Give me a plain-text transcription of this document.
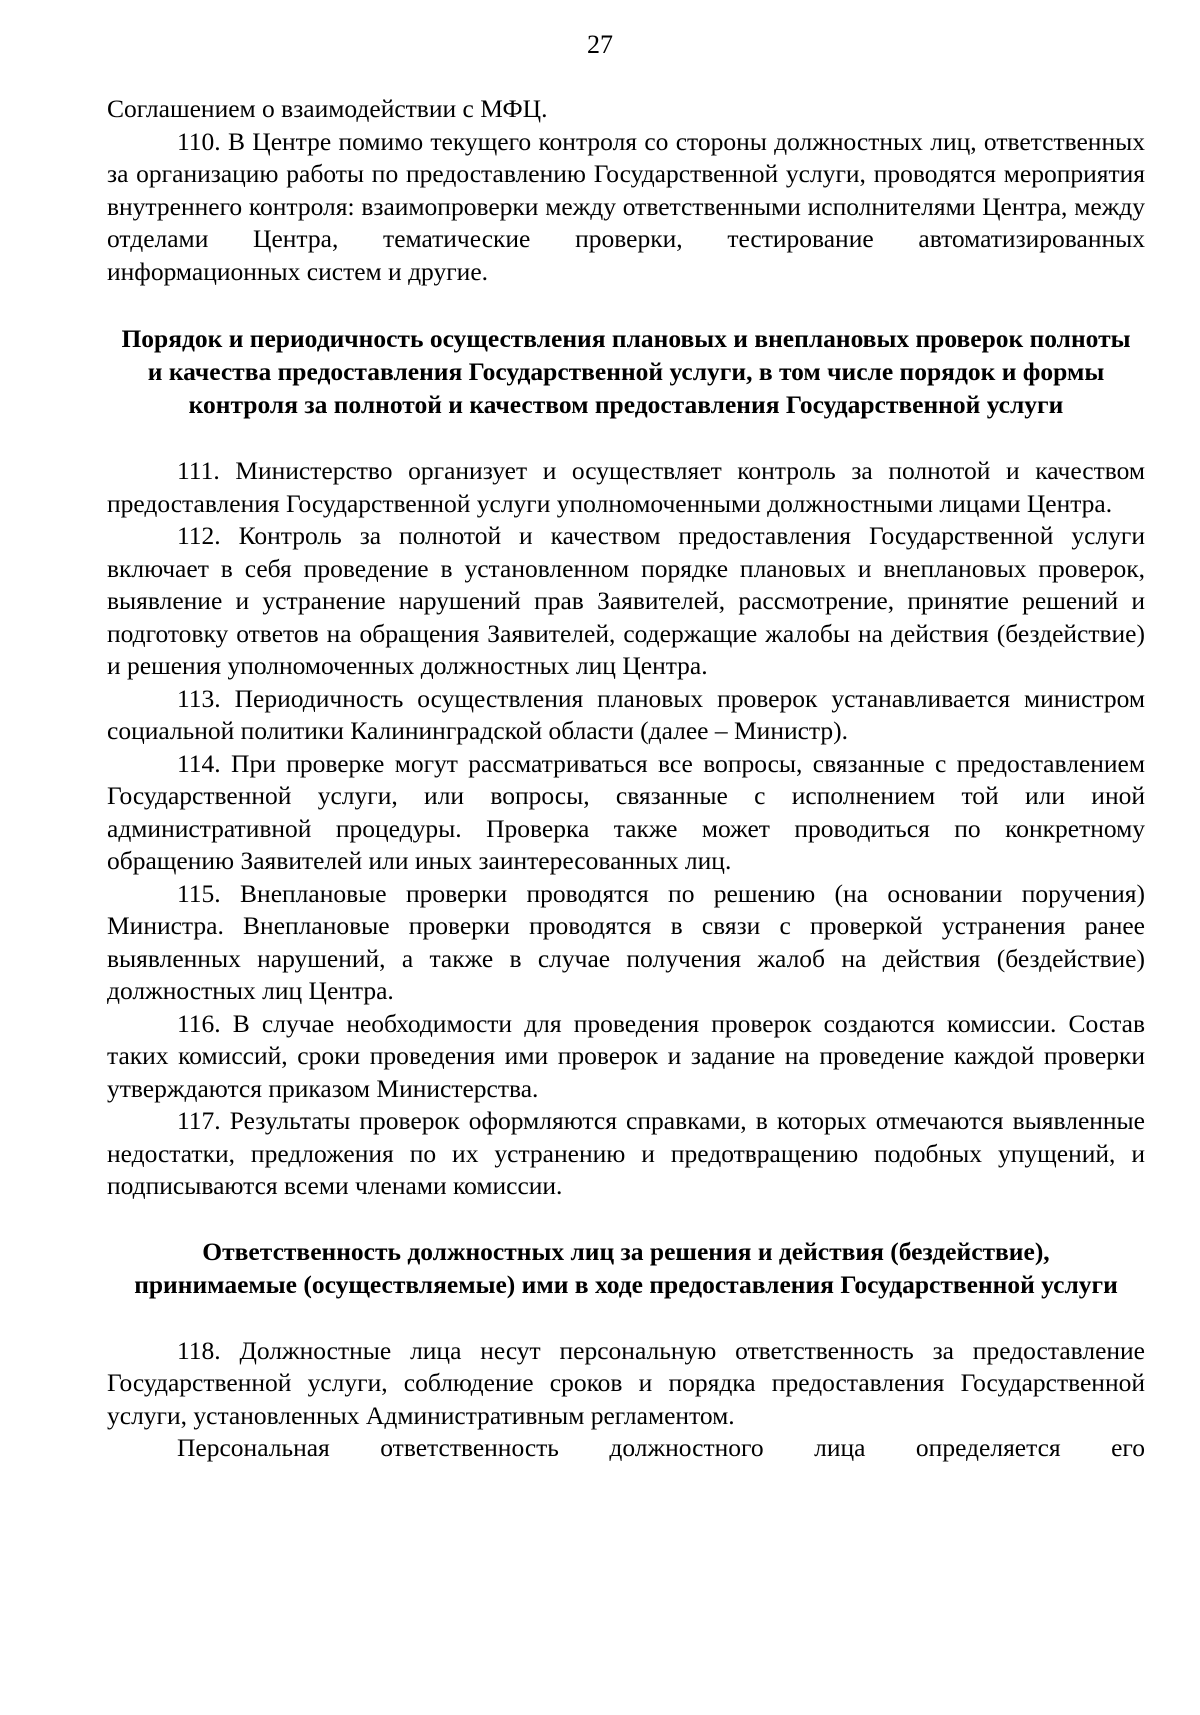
27

Соглашением о взаимодействии с МФЦ.

110. В Центре помимо текущего контроля со стороны должностных лиц, ответственных за организацию работы по предоставлению Государственной услуги, проводятся мероприятия внутреннего контроля: взаимопроверки между ответственными исполнителями Центра, между отделами Центра, тематические проверки, тестирование автоматизированных информационных систем и другие.

Порядок и периодичность осуществления плановых и внеплановых проверок полноты и качества предоставления Государственной услуги, в том числе порядок и формы контроля за полнотой и качеством предоставления Государственной услуги

111. Министерство организует и осуществляет контроль за полнотой и качеством предоставления Государственной услуги уполномоченными должностными лицами Центра.

112. Контроль за полнотой и качеством предоставления Государственной услуги включает в себя проведение в установленном порядке плановых и внеплановых проверок, выявление и устранение нарушений прав Заявителей, рассмотрение, принятие решений и подготовку ответов на обращения Заявителей, содержащие жалобы на действия (бездействие) и решения уполномоченных должностных лиц Центра.

113. Периодичность осуществления плановых проверок устанавливается министром социальной политики Калининградской области (далее – Министр).

114. При проверке могут рассматриваться все вопросы, связанные с предоставлением Государственной услуги, или вопросы, связанные с исполнением той или иной административной процедуры. Проверка также может проводиться по конкретному обращению Заявителей или иных заинтересованных лиц.

115. Внеплановые проверки проводятся по решению (на основании поручения) Министра. Внеплановые проверки проводятся в связи с проверкой устранения ранее выявленных нарушений, а также в случае получения жалоб на действия (бездействие) должностных лиц Центра.

116. В случае необходимости для проведения проверок создаются комиссии. Состав таких комиссий, сроки проведения ими проверок и задание на проведение каждой проверки утверждаются приказом Министерства.

117. Результаты проверок оформляются справками, в которых отмечаются выявленные недостатки, предложения по их устранению и предотвращению подобных упущений, и подписываются всеми членами комиссии.

Ответственность должностных лиц за решения и действия (бездействие), принимаемые (осуществляемые) ими в ходе предоставления Государственной услуги

118. Должностные лица несут персональную ответственность за предоставление Государственной услуги, соблюдение сроков и порядка предоставления Государственной услуги, установленных Административным регламентом.

Персональная ответственность должностного лица определяется его
